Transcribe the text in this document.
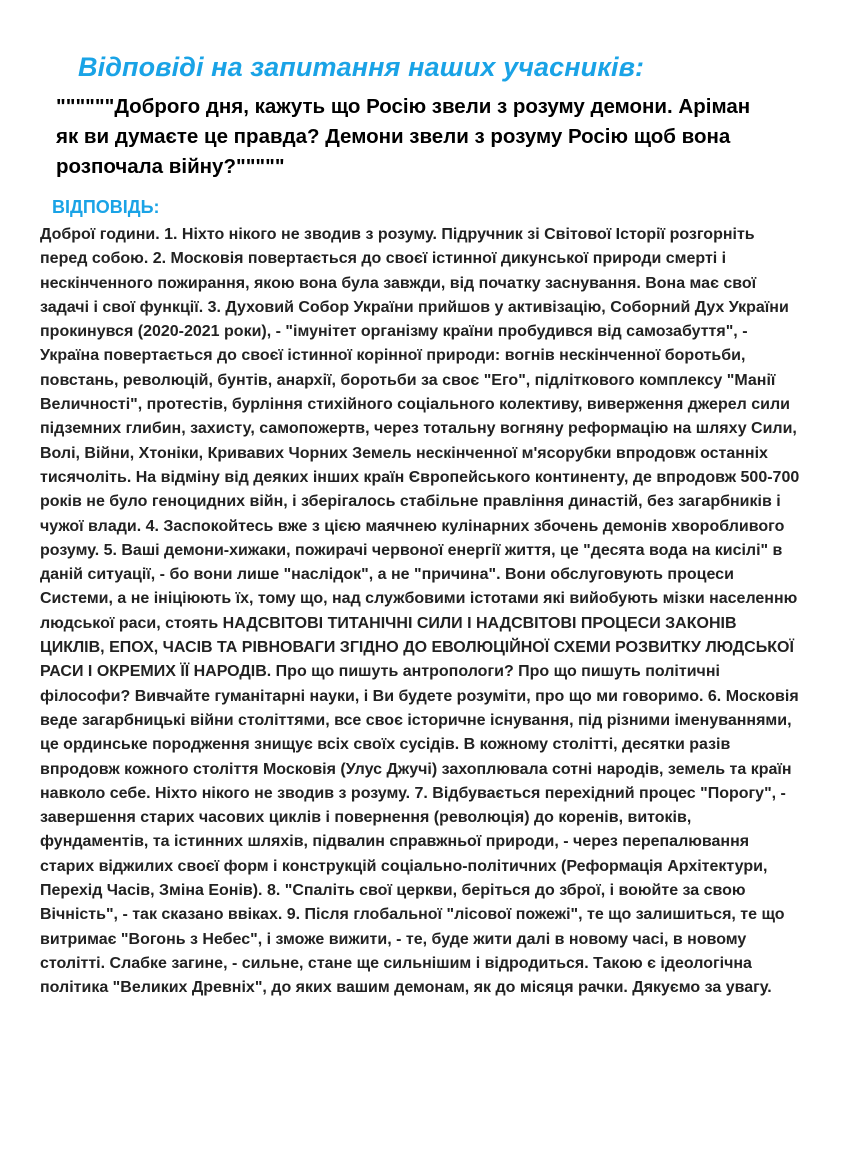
Відповіді на запитання наших учасників:
""""""Доброго дня, кажуть що Росію звели з розуму демони. Аріман як ви думаєте це правда? Демони звели з розуму Росію щоб вона розпочала війну?"""""
ВІДПОВІДЬ:
Доброї години. 1. Ніхто нікого не зводив з розуму. Підручник зі Світової Історії розгорніть перед собою. 2. Московія повертається до своєї істинної дикунської природи смерті і нескінченного пожирання, якою вона була завжди, від початку заснування. Вона має свої задачі і свої функції. 3. Духовий Собор України прийшов у активізацію, Соборний Дух України прокинувся (2020-2021 роки), - "імунітет організму країни пробудився від самозабуття", - Україна повертається до своєї істинної корінної природи: вогнів нескінченної боротьби, повстань, революцій, бунтів, анархії, боротьби за своє "Его", підліткового комплексу "Манії Величності", протестів, бурління стихійного соціального колективу, виверження джерел сили підземних глибин, захисту, самопожертв, через тотальну вогняну реформацію на шляху Сили, Волі, Війни, Хтоніки, Кривавих Чорних Земель нескінченної м'ясорубки впродовж останніх тисячоліть. На відміну від деяких інших країн Європейського континенту, де впродовж 500-700 років не було геноцидних війн, і зберігалось стабільне правління династій, без загарбників і чужої влади. 4. Заспокойтесь вже з цією маячнею кулінарних збочень демонів хворобливого розуму. 5. Ваші демони-хижаки, пожирачі червоної енергії життя, це "десята вода на кисілі" в даній ситуації, - бо вони лише "наслідок", а не "причина". Вони обслуговують процеси Системи, а не ініціюють їх, тому що, над службовими істотами які вийобують мізки населенню людської раси, стоять НАДСВІТОВІ ТИТАНІЧНІ СИЛИ І НАДСВІТОВІ ПРОЦЕСИ ЗАКОНІВ ЦИКЛІВ, ЕПОХ, ЧАСІВ ТА РІВНОВАГИ ЗГІДНО ДО ЕВОЛЮЦІЙНОЇ СХЕМИ РОЗВИТКУ ЛЮДСЬКОЇ РАСИ І ОКРЕМИХ ЇЇ НАРОДІВ. Про що пишуть антропологи? Про що пишуть політичні філософи? Вивчайте гуманітарні науки, і Ви будете розуміти, про що ми говоримо. 6. Московія веде загарбницькі війни століттями, все своє історичне існування, під різними іменуваннями, це ординське породження знищує всіх своїх сусідів. В кожному столітті, десятки разів впродовж кожного століття Московія (Улус Джучі) захоплювала сотні народів, земель та країн навколо себе. Ніхто нікого не зводив з розуму. 7. Відбувається перехідний процес "Порогу", - завершення старих часових циклів і повернення (революція) до коренів, витоків, фундаментів, та істинних шляхів, підвалин справжньої природи, - через перепалювання старих віджилих своєї форм і конструкцій соціально-політичних (Реформація Архітектури, Перехід Часів, Зміна Еонів). 8. "Спаліть свої церкви, беріться до зброї, і воюйте за свою Вічність", - так сказано ввіках. 9. Після глобальної "лісової пожежі", те що залишиться, те що витримає "Вогонь з Небес", і зможе вижити, - те, буде жити далі в новому часі, в новому столітті. Слабке загине, - сильне, стане ще сильнішим і відродиться. Такою є ідеологічна політика "Великих Древніх", до яких вашим демонам, як до місяця рачки. Дякуємо за увагу.
